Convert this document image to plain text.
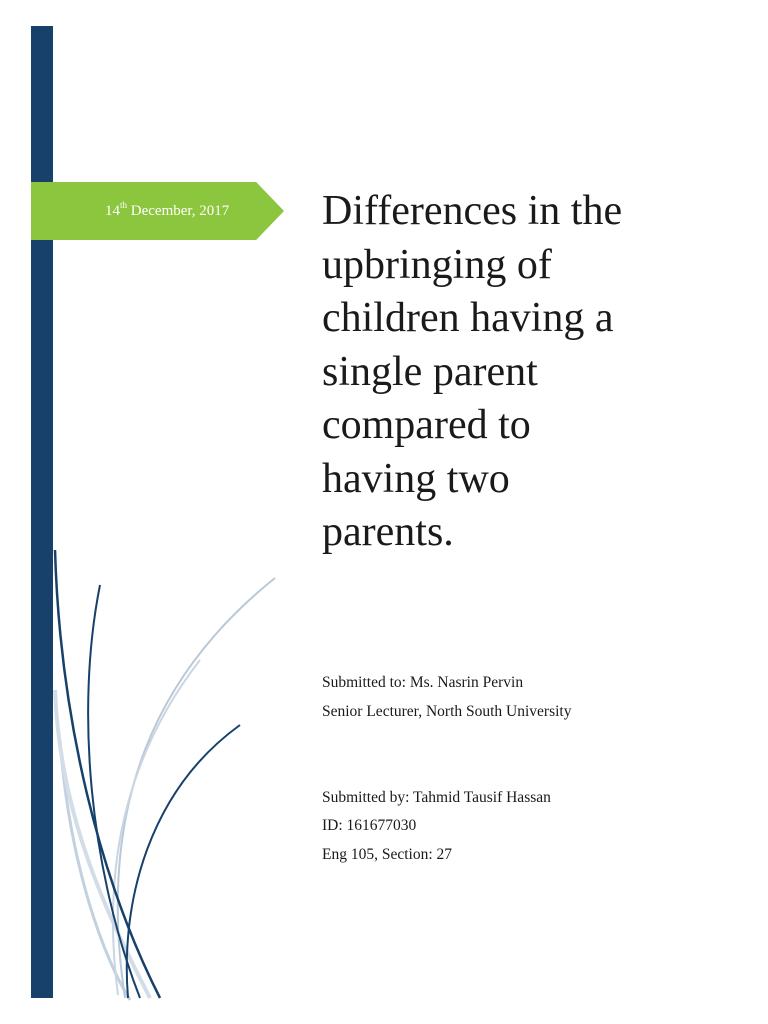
14th December, 2017 Differences in the
upbringing of
children having a
single parent
compared to
having two
parents.
Submitted to: Ms. Nasrin Pervin
Senior Lecturer, North South University
Submitted by: Tahmid Tausif Hassan
ID: 161677030
Eng 105, Section: 27
